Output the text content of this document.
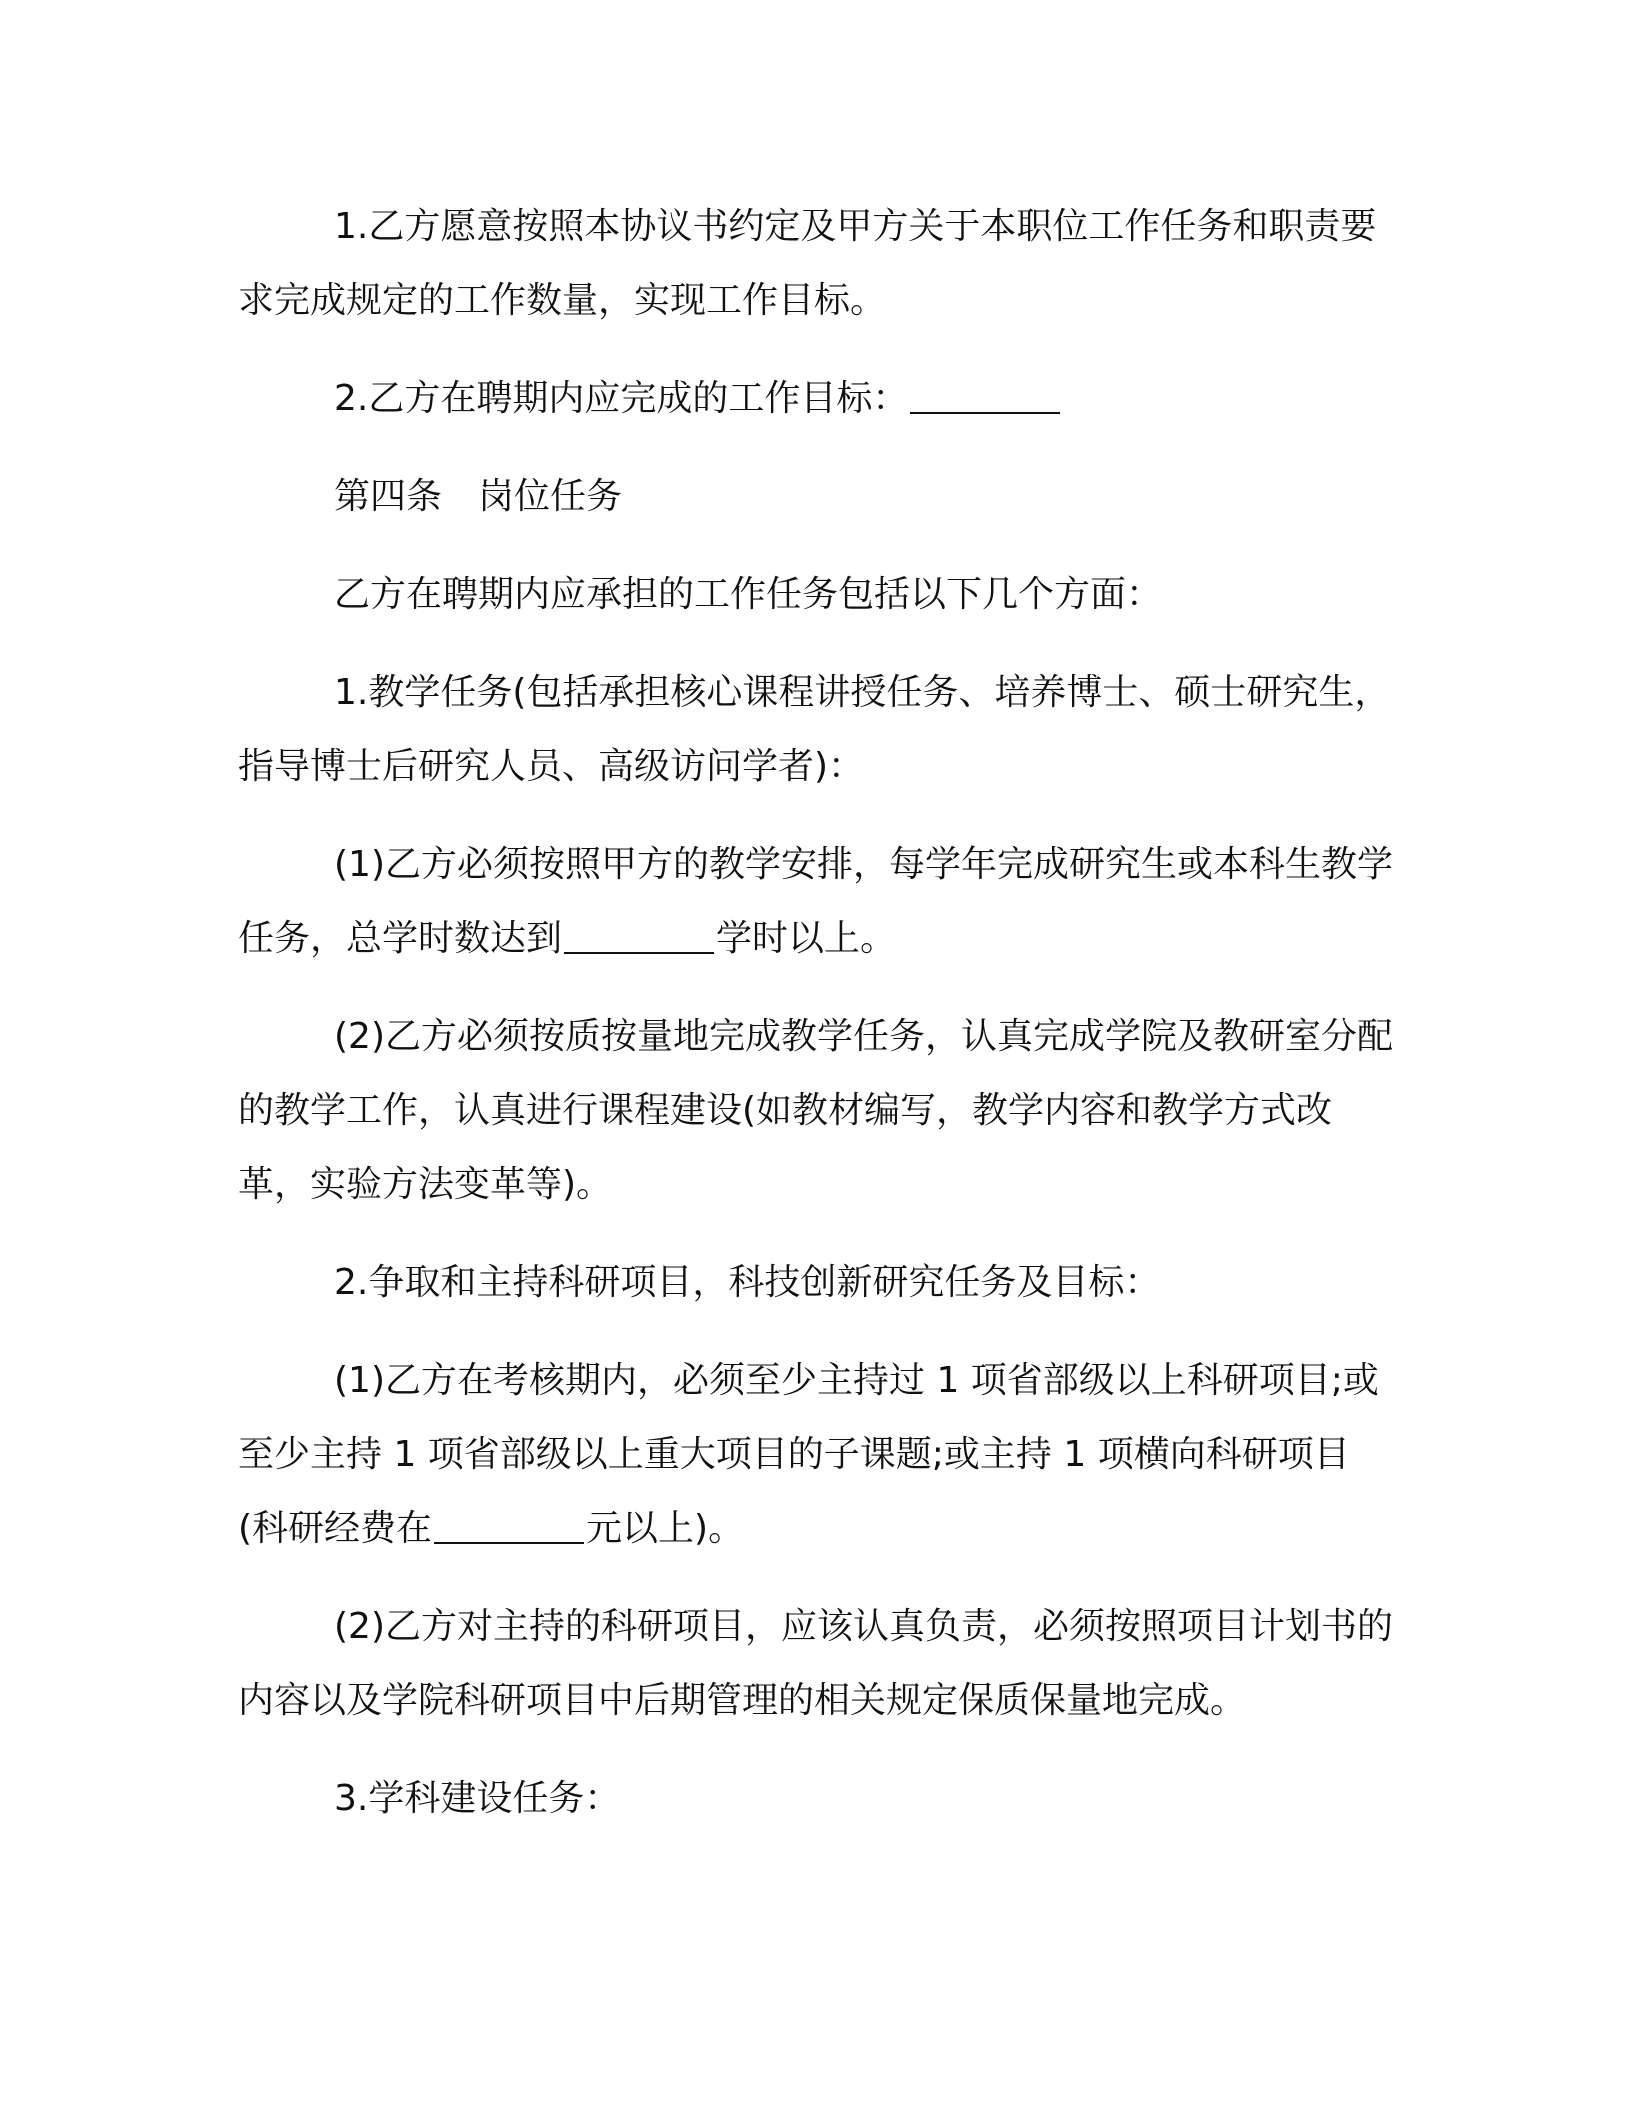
1.乙方愿意按照本协议书约定及甲方关于本职位工作任务和职责要求完成规定的工作数量，实现工作目标。

2.乙方在聘期内应完成的工作目标：

第四条　岗位任务

乙方在聘期内应承担的工作任务包括以下几个方面：

1.教学任务(包括承担核心课程讲授任务、培养博士、硕士研究生，指导博士后研究人员、高级访问学者)：

(1)乙方必须按照甲方的教学安排，每学年完成研究生或本科生教学任务，总学时数达到	学时以上。

(2)乙方必须按质按量地完成教学任务，认真完成学院及教研室分配的教学工作，认真进行课程建设(如教材编写，教学内容和教学方式改革，实验方法变革等)。

2.争取和主持科研项目，科技创新研究任务及目标：

(1)乙方在考核期内，必须至少主持过 1 项省部级以上科研项目;或至少主持 1 项省部级以上重大项目的子课题;或主持 1 项横向科研项目(科研经费在	元以上)。

(2)乙方对主持的科研项目，应该认真负责，必须按照项目计划书的内容以及学院科研项目中后期管理的相关规定保质保量地完成。

3.学科建设任务：
